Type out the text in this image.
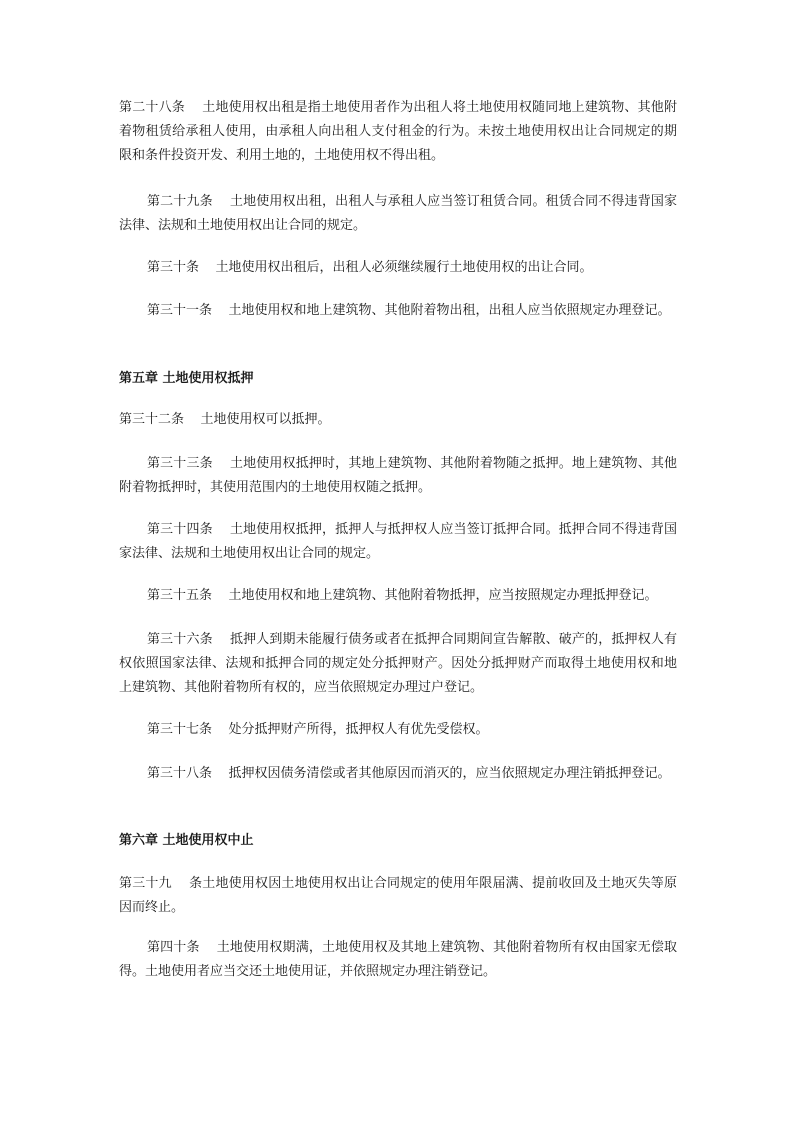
第二十八条 土地使用权出租是指土地使用者作为出租人将土地使用权随同地上建筑物、其他附着物租赁给承租人使用，由承租人向出租人支付租金的行为。未按土地使用权出让合同规定的期限和条件投资开发、利用土地的，土地使用权不得出租。

第二十九条 土地使用权出租，出租人与承租人应当签订租赁合同。租赁合同不得违背国家法律、法规和土地使用权出让合同的规定。

第三十条 土地使用权出租后，出租人必须继续履行土地使用权的出让合同。

第三十一条 土地使用权和地上建筑物、其他附着物出租，出租人应当依照规定办理登记。

第五章 土地使用权抵押

第三十二条 土地使用权可以抵押。

第三十三条 土地使用权抵押时，其地上建筑物、其他附着物随之抵押。地上建筑物、其他附着物抵押时，其使用范围内的土地使用权随之抵押。

第三十四条 土地使用权抵押，抵押人与抵押权人应当签订抵押合同。抵押合同不得违背国家法律、法规和土地使用权出让合同的规定。

第三十五条 土地使用权和地上建筑物、其他附着物抵押，应当按照规定办理抵押登记。

第三十六条 抵押人到期未能履行债务或者在抵押合同期间宣告解散、破产的，抵押权人有权依照国家法律、法规和抵押合同的规定处分抵押财产。因处分抵押财产而取得土地使用权和地上建筑物、其他附着物所有权的，应当依照规定办理过户登记。

第三十七条 处分抵押财产所得，抵押权人有优先受偿权。

第三十八条 抵押权因债务清偿或者其他原因而消灭的，应当依照规定办理注销抵押登记。

第六章 土地使用权中止

第三十九 条土地使用权因土地使用权出让合同规定的使用年限届满、提前收回及土地灭失等原因而终止。

第四十条 土地使用权期满，土地使用权及其地上建筑物、其他附着物所有权由国家无偿取得。土地使用者应当交还土地使用证，并依照规定办理注销登记。
